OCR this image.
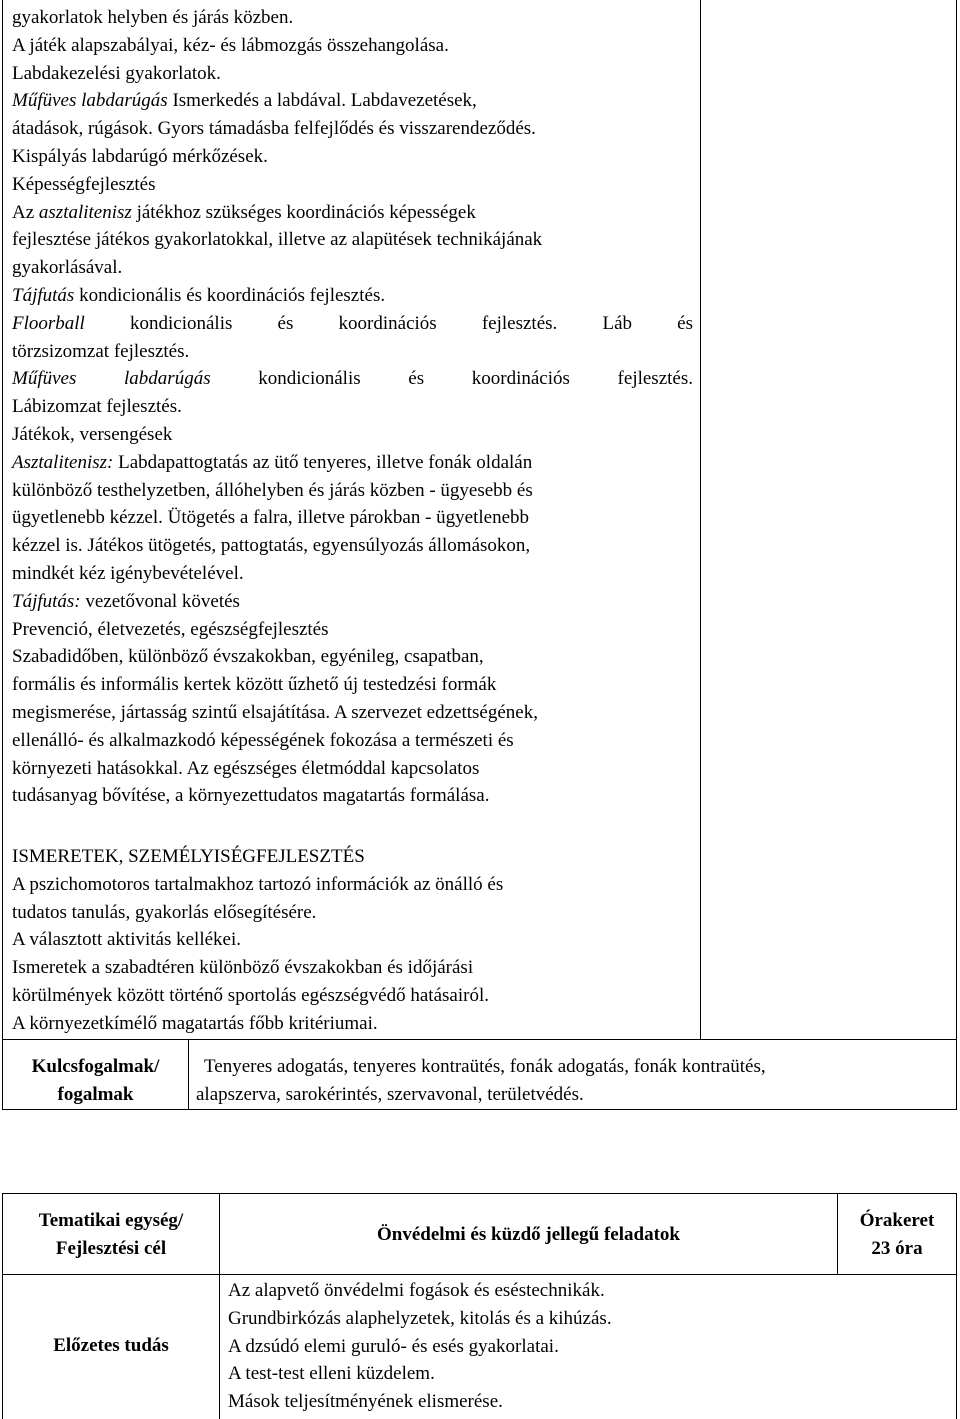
gyakorlatok helyben és járás közben.
A játék alapszabályai, kéz- és lábmozgás összehangolása.
Labdakezelési gyakorlatok.
Műfüves labdarúgás Ismerkedés a labdával. Labdavezetések,
átadások, rúgások. Gyors támadásba felfejlődés és visszarendeződés.
Kispályás labdarúgó mérkőzések.
Képességfejlesztés
Az asztalitenisz játékhoz szükséges koordinációs képességek
fejlesztése játékos gyakorlatokkal, illetve az alapütések technikájának
gyakorlásával.
Tájfutás kondicionális és koordinációs fejlesztés.
Floorball kondicionális és koordinációs fejlesztés. Láb és
törzsizomzat fejlesztés.
Műfüves labdarúgás kondicionális és koordinációs fejlesztés.
Lábizomzat fejlesztés.
Játékok, versengések
Asztalitenisz: Labdapattogtatás az ütő tenyeres, illetve fonák oldalán
különböző testhelyzetben, állóhelyben és járás közben - ügyesebb és
ügyetlenebb kézzel. Ütögetés a falra, illetve párokban - ügyetlenebb
kézzel is. Játékos ütögetés, pattogtatás, egyensúlyozás állomásokon,
mindkét kéz igénybevételével.
Tájfutás: vezetővonal követés
Prevenció, életvezetés, egészségfejlesztés
Szabadidőben, különböző évszakokban, egyénileg, csapatban,
formális és informális kertek között űzhető új testedzési formák
megismerése, jártasság szintű elsajátítása. A szervezet edzettségének,
ellenálló- és alkalmazkodó képességének fokozása a természeti és
környezeti hatásokkal. Az egészséges életmóddal kapcsolatos
tudásanyag bővítése, a környezettudatos magatartás formálása.

ISMERETEK, SZEMÉLYISÉGFEJLESZTÉS

A pszichomotoros tartalmakhoz tartozó információk az önálló és
tudatos tanulás, gyakorlás elősegítésére.
A választott aktivitás kellékei.
Ismeretek a szabadtéren különböző évszakokban és időjárási
körülmények között történő sportolás egészségvédő hatásairól.
A környezetkímélő magatartás főbb kritériumai.
Kulcsfogalmak/
fogalmak
Tenyeres adogatás, tenyeres kontraütés, fonák adogatás, fonák kontraütés,
alapszerva, sarokérintés, szervavonal, területvédés.
Tematikai egység/
Fejlesztési cél
Önvédelmi és küzdő jellegű feladatok
Órakeret
23 óra
Előzetes tudás
Az alapvető önvédelmi fogások és eséstechnikák.
Grundbirkózás alaphelyzetek, kitolás és a kihúzás.
A dzsúdó elemi guruló- és esés gyakorlatai.
A test-test elleni küzdelem.
Mások teljesítményének elismerése.
